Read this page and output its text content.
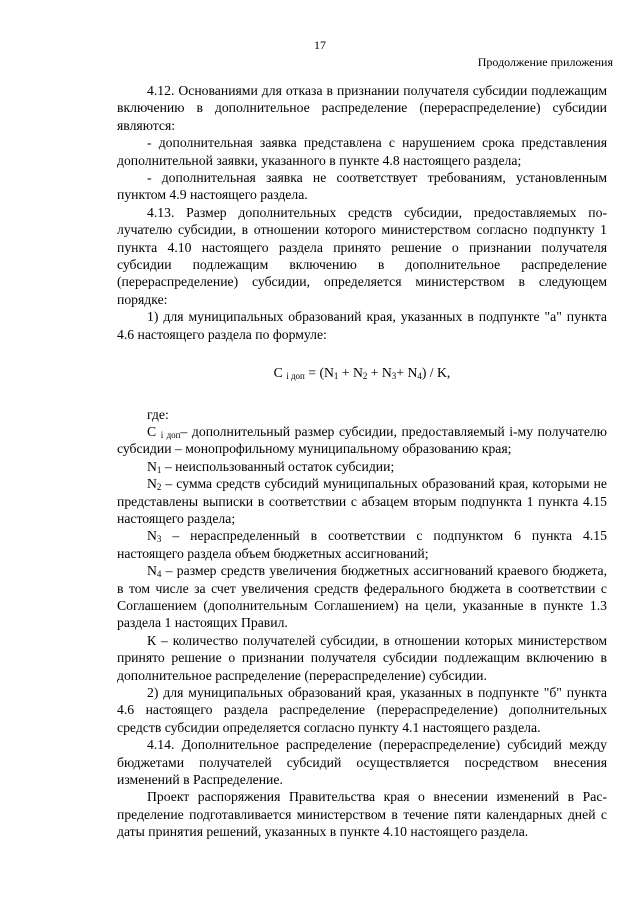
17
Продолжение приложения

4.12. Основаниями для отказа в признании получателя субсидии подлежащим включению в дополнительное распределение (перераспределение) субсидии являются:

- дополнительная заявка представлена с нарушением срока представления дополнительной заявки, указанного в пункте 4.8 настоящего раздела;

- дополнительная заявка не соответствует требованиям, установленным пунктом 4.9 настоящего раздела.

4.13. Размер дополнительных средств субсидии, предоставляемых получателю субсидии, в отношении которого министерством согласно подпункту 1 пункта 4.10 настоящего раздела принято решение о признании получателя субсидии подлежащим включению в дополнительное распределение (перераспределение) субсидии, определяется министерством в следующем порядке:

1) для муниципальных образований края, указанных в подпункте "а" пункта 4.6 настоящего раздела по формуле:

С $_{i доп} = (N_1 + N_2 + N_3+ N_4) / K$,

где:

С $_{i доп}$– дополнительный размер субсидии, предоставляемый i-му получателю субсидии – монопрофильному муниципальному образованию края;

$N_1$ – неиспользованный остаток субсидии;

$N_2$ – сумма средств субсидий муниципальных образований края, которыми не представлены выписки в соответствии с абзацем вторым подпункта 1 пункта 4.15 настоящего раздела;

$N_3$ – нераспределенный в соответствии с подпунктом 6 пункта 4.15 настоящего раздела объем бюджетных ассигнований;

$N_4$ – размер средств увеличения бюджетных ассигнований краевого бюджета, в том числе за счет увеличения средств федерального бюджета в соответствии с Соглашением (дополнительным Соглашением) на цели, указанные в пункте 1.3 раздела 1 настоящих Правил.

К – количество получателей субсидии, в отношении которых министерством принято решение о признании получателя субсидии подлежащим включению в дополнительное распределение (перераспределение) субсидии.

2) для муниципальных образований края, указанных в подпункте "б" пункта 4.6 настоящего раздела распределение (перераспределение) дополнительных средств субсидии определяется согласно пункту 4.1 настоящего раздела.

4.14. Дополнительное распределение (перераспределение) субсидий между бюджетами получателей субсидий осуществляется посредством внесения изменений в Распределение.

Проект распоряжения Правительства края о внесении изменений в Распределение подготавливается министерством в течение пяти календарных дней с даты принятия решений, указанных в пункте 4.10 настоящего раздела.
